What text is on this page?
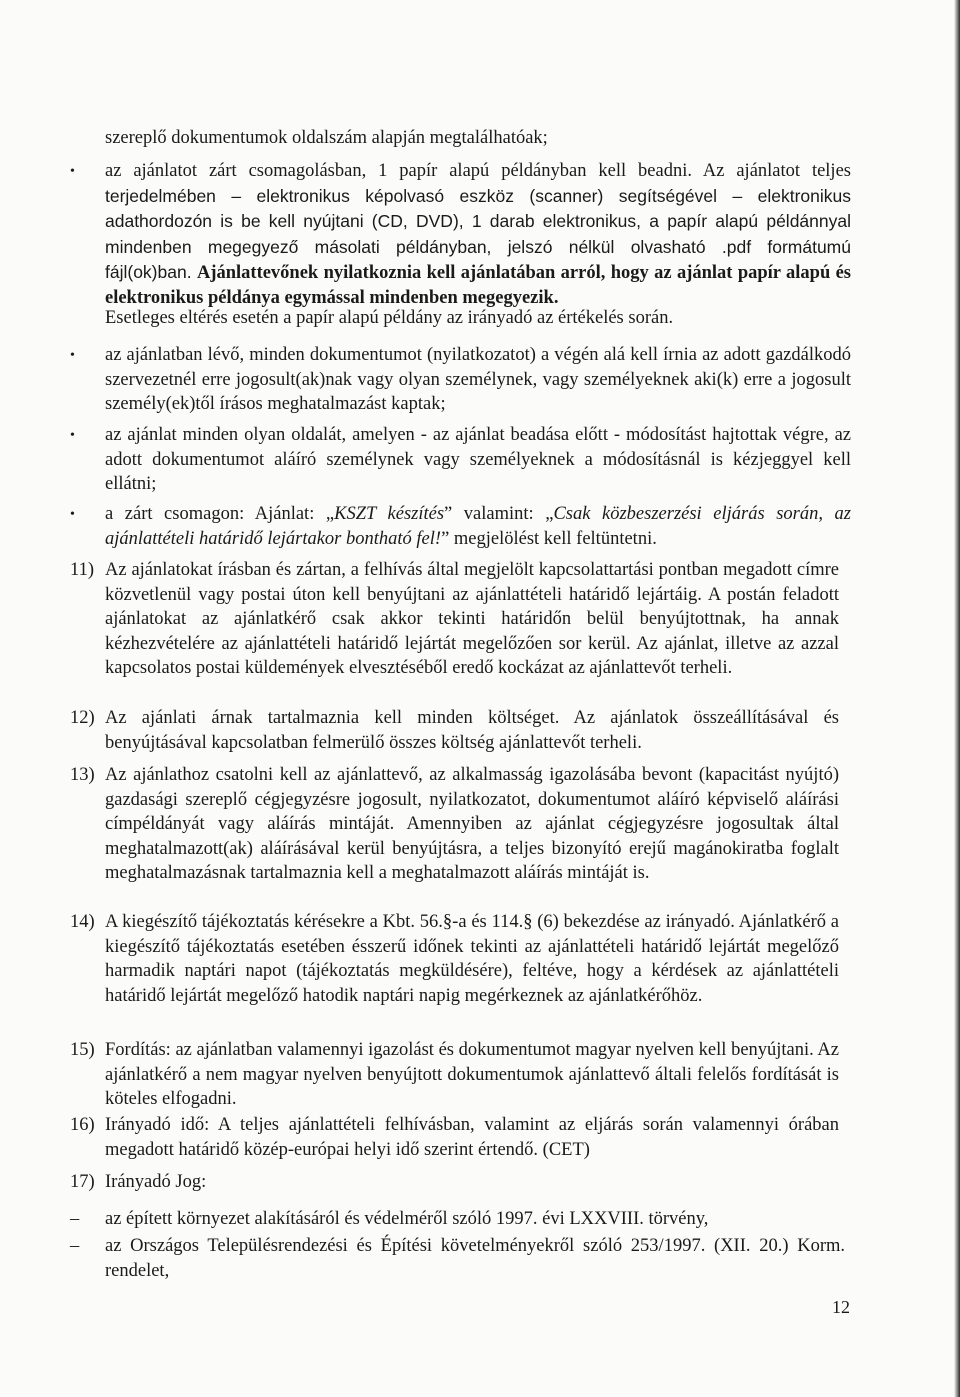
szereplő dokumentumok oldalszám alapján megtalálhatóak;

• az ajánlatot zárt csomagolásban, 1 papír alapú példányban kell beadni. Az ajánlatot teljes terjedelmében – elektronikus képolvasó eszköz (scanner) segítségével – elektronikus adathordozón is be kell nyújtani (CD, DVD), 1 darab elektronikus, a papír alapú példánnyal mindenben megegyező másolati példányban, jelszó nélkül olvasható .pdf formátumú fájl(ok)ban. Ajánlattevőnek nyilatkoznia kell ajánlatában arról, hogy az ajánlat papír alapú és elektronikus példánya egymással mindenben megegyezik.

Esetleges eltérés esetén a papír alapú példány az irányadó az értékelés során.

• az ajánlatban lévő, minden dokumentumot (nyilatkozatot) a végén alá kell írnia az adott gazdálkodó szervezetnél erre jogosult(ak)nak vagy olyan személynek, vagy személyeknek aki(k) erre a jogosult személy(ek)től írásos meghatalmazást kaptak;

• az ajánlat minden olyan oldalát, amelyen - az ajánlat beadása előtt - módosítást hajtottak végre, az adott dokumentumot aláíró személynek vagy személyeknek a módosításnál is kézjeggyel kell ellátni;

• a zárt csomagon: Ajánlat: „KSZT készítés” valamint: „Csak közbeszerzési eljárás során, az ajánlattételi határidő lejártakor bontható fel!” megjelölést kell feltüntetni.
11) Az ajánlatokat írásban és zártan, a felhívás által megjelölt kapcsolattartási pontban megadott címre közvetlenül vagy postai úton kell benyújtani az ajánlattételi határidő lejártáig. A postán feladott ajánlatokat az ajánlatkérő csak akkor tekinti határidőn belül benyújtottnak, ha annak kézhezvételére az ajánlattételi határidő lejártát megelőzően sor kerül. Az ajánlat, illetve az azzal kapcsolatos postai küldemények elvesztéséből eredő kockázat az ajánlattevőt terheli.

12) Az ajánlati árnak tartalmaznia kell minden költséget. Az ajánlatok összeállításával és benyújtásával kapcsolatban felmerülő összes költség ajánlattevőt terheli.

13) Az ajánlathoz csatolni kell az ajánlattevő, az alkalmasság igazolásába bevont (kapacitást nyújtó) gazdasági szereplő cégjegyzésre jogosult, nyilatkozatot, dokumentumot aláíró képviselő aláírási címpéldányát vagy aláírás mintáját. Amennyiben az ajánlat cégjegyzésre jogosultak által meghatalmazott(ak) aláírásával kerül benyújtásra, a teljes bizonyító erejű magánokiratba foglalt meghatalmazásnak tartalmaznia kell a meghatalmazott aláírás mintáját is.

14) A kiegészítő tájékoztatás kérésekre a Kbt. 56.§-a és 114.§ (6) bekezdése az irányadó. Ajánlatkérő a kiegészítő tájékoztatás esetében ésszerű időnek tekinti az ajánlattételi határidő lejártát megelőző harmadik naptári napot (tájékoztatás megküldésére), feltéve, hogy a kérdések az ajánlattételi határidő lejártát megelőző hatodik naptári napig megérkeznek az ajánlatkérőhöz.

15) Fordítás: az ajánlatban valamennyi igazolást és dokumentumot magyar nyelven kell benyújtani. Az ajánlatkérő a nem magyar nyelven benyújtott dokumentumok ajánlattevő általi felelős fordítását is köteles elfogadni.

16) Irányadó idő: A teljes ajánlattételi felhívásban, valamint az eljárás során valamennyi órában megadott határidő közép-európai helyi idő szerint értendő. (CET)

17) Irányadó Jog:

– az épített környezet alakításáról és védelméről szóló 1997. évi LXXVIII. törvény,

– az Országos Településrendezési és Építési követelményekről szóló 253/1997. (XII. 20.) Korm. rendelet,

12
